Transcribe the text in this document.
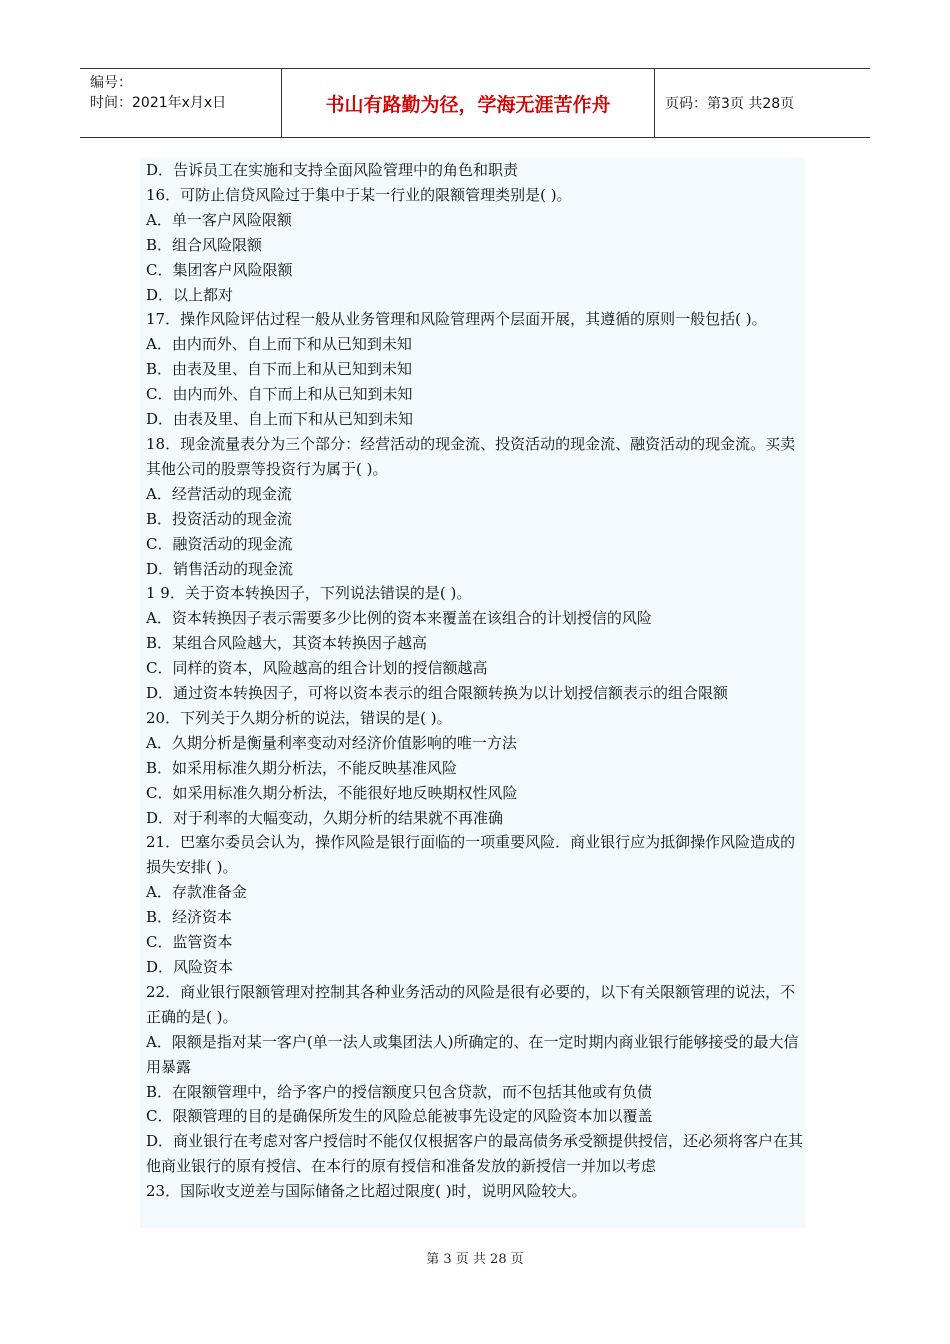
编号：
时间：2021年x月x日	书山有路勤为径，学海无涯苦作舟	页码：第3页 共28页
D．告诉员工在实施和支持全面风险管理中的角色和职责
16．可防止信贷风险过于集中于某一行业的限额管理类别是( )。
A．单一客户风险限额
B．组合风险限额
C．集团客户风险限额
D．以上都对
17．操作风险评估过程一般从业务管理和风险管理两个层面开展，其遵循的原则一般包括( )。
A．由内而外、自上而下和从已知到未知
B．由表及里、自下而上和从已知到未知
C．由内而外、自下而上和从已知到未知
D．由表及里、自上而下和从已知到未知
18．现金流量表分为三个部分：经营活动的现金流、投资活动的现金流、融资活动的现金流。买卖其他公司的股票等投资行为属于( )。
A．经营活动的现金流
B．投资活动的现金流
C．融资活动的现金流
D．销售活动的现金流
1 9．关于资本转换因子，下列说法错误的是( )。
A．资本转换因子表示需要多少比例的资本来覆盖在该组合的计划授信的风险
B．某组合风险越大，其资本转换因子越高
C．同样的资本，风险越高的组合计划的授信额越高
D．通过资本转换因子，可将以资本表示的组合限额转换为以计划授信额表示的组合限额
20．下列关于久期分析的说法，错误的是( )。
A．久期分析是衡量利率变动对经济价值影响的唯一方法
B．如采用标准久期分析法，不能反映基准风险
C．如采用标准久期分析法，不能很好地反映期权性风险
D．对于利率的大幅变动，久期分析的结果就不再准确
21．巴塞尔委员会认为，操作风险是银行面临的一项重要风险．商业银行应为抵御操作风险造成的损失安排( )。
A．存款准备金
B．经济资本
C．监管资本
D．风险资本
22．商业银行限额管理对控制其各种业务活动的风险是很有必要的，以下有关限额管理的说法，不正确的是( )。
A．限额是指对某一客户(单一法人或集团法人)所确定的、在一定时期内商业银行能够接受的最大信用暴露
B．在限额管理中，给予客户的授信额度只包含贷款，而不包括其他或有负债
C．限额管理的目的是确保所发生的风险总能被事先设定的风险资本加以覆盖
D．商业银行在考虑对客户授信时不能仅仅根据客户的最高债务承受额提供授信，还必须将客户在其他商业银行的原有授信、在本行的原有授信和准备发放的新授信一并加以考虑
23．国际收支逆差与国际储备之比超过限度( )时，说明风险较大。
第 3 页 共 28 页
